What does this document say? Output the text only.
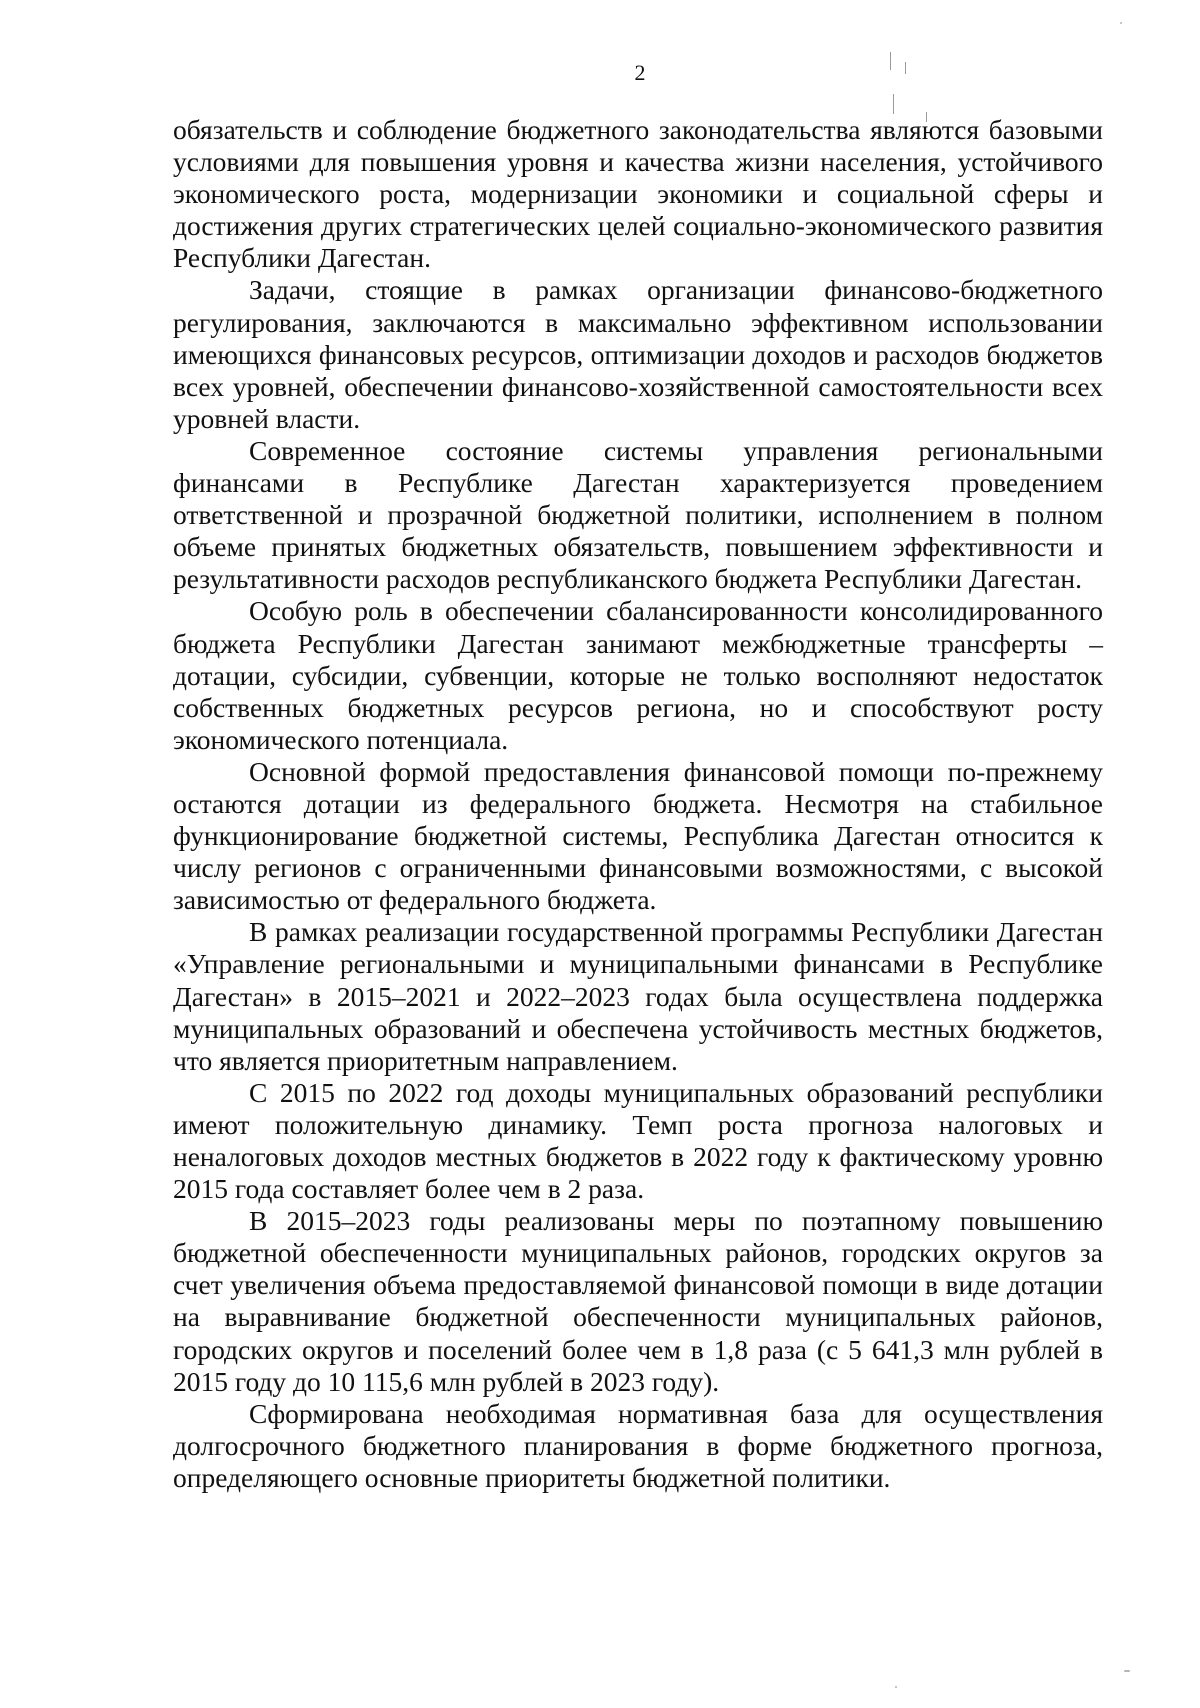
2

обязательств и соблюдение бюджетного законодательства являются базовыми условиями для повышения уровня и качества жизни населения, устойчивого экономического роста, модернизации экономики и социальной сферы и достижения других стратегических целей социально-экономического развития Республики Дагестан.

Задачи, стоящие в рамках организации финансово-бюджетного регулирования, заключаются в максимально эффективном использовании имеющихся финансовых ресурсов, оптимизации доходов и расходов бюджетов всех уровней, обеспечении финансово-хозяйственной самостоятельности всех уровней власти.

Современное состояние системы управления региональными финансами в Республике Дагестан характеризуется проведением ответственной и прозрачной бюджетной политики, исполнением в полном объеме принятых бюджетных обязательств, повышением эффективности и результативности расходов республиканского бюджета Республики Дагестан.

Особую роль в обеспечении сбалансированности консолидированного бюджета Республики Дагестан занимают межбюджетные трансферты – дотации, субсидии, субвенции, которые не только восполняют недостаток собственных бюджетных ресурсов региона, но и способствуют росту экономического потенциала.

Основной формой предоставления финансовой помощи по-прежнему остаются дотации из федерального бюджета. Несмотря на стабильное функционирование бюджетной системы, Республика Дагестан относится к числу регионов с ограниченными финансовыми возможностями, с высокой зависимостью от федерального бюджета.

В рамках реализации государственной программы Республики Дагестан «Управление региональными и муниципальными финансами в Республике Дагестан» в 2015–2021 и 2022–2023 годах была осуществлена поддержка муниципальных образований и обеспечена устойчивость местных бюджетов, что является приоритетным направлением.

С 2015 по 2022 год доходы муниципальных образований республики имеют положительную динамику. Темп роста прогноза налоговых и неналоговых доходов местных бюджетов в 2022 году к фактическому уровню 2015 года составляет более чем в 2 раза.

В 2015–2023 годы реализованы меры по поэтапному повышению бюджетной обеспеченности муниципальных районов, городских округов за счет увеличения объема предоставляемой финансовой помощи в виде дотации на выравнивание бюджетной обеспеченности муниципальных районов, городских округов и поселений более чем в 1,8 раза (с 5 641,3 млн рублей в 2015 году до 10 115,6 млн рублей в 2023 году).

Сформирована необходимая нормативная база для осуществления долгосрочного бюджетного планирования в форме бюджетного прогноза, определяющего основные приоритеты бюджетной политики.
